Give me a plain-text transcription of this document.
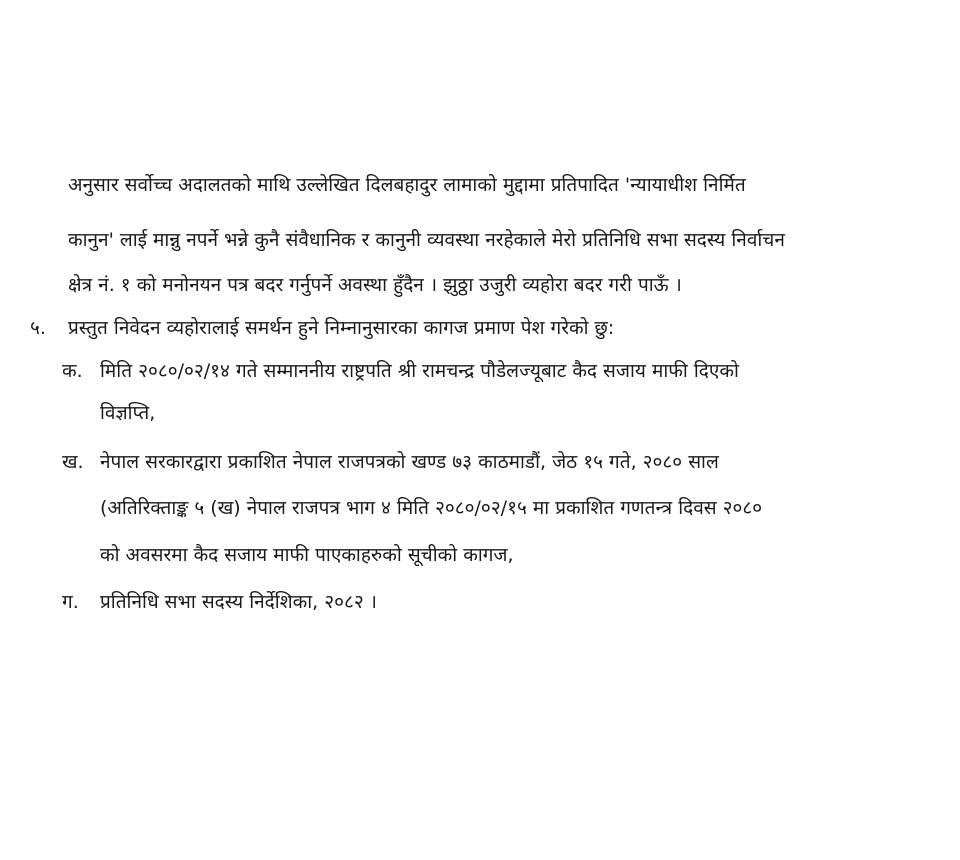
अनुसार सर्वोच्च अदालतको माथि उल्लेखित दिलबहादुर लामाको मुद्दामा प्रतिपादित 'न्यायाधीश निर्मित
कानुन' लाई मान्नु नपर्ने भन्ने कुनै संवैधानिक र कानुनी व्यवस्था नरहेकाले मेरो प्रतिनिधि सभा सदस्य निर्वाचन
क्षेत्र नं. १ को मनोनयन पत्र बदर गर्नुपर्ने अवस्था हुँदैन । झुठ्ठा उजुरी व्यहोरा बदर गरी पाऊँ ।
५. प्रस्तुत निवेदन व्यहोरालाई समर्थन हुने निम्नानुसारका कागज प्रमाण पेश गरेको छु:
क. मिति २०८०/०२/१४ गते सम्माननीय राष्ट्रपति श्री रामचन्द्र पौडेलज्यूबाट कैद सजाय माफी दिएको
विज्ञप्ति,
ख. नेपाल सरकारद्वारा प्रकाशित नेपाल राजपत्रको खण्ड ७३ काठमाडौं, जेठ १५ गते, २०८० साल
(अतिरिक्ताङ्क ५ (ख) नेपाल राजपत्र भाग ४ मिति २०८०/०२/१५ मा प्रकाशित गणतन्त्र दिवस २०८०
को अवसरमा कैद सजाय माफी पाएकाहरुको सूचीको कागज,
ग. प्रतिनिधि सभा सदस्य निर्देशिका, २०८२ ।
